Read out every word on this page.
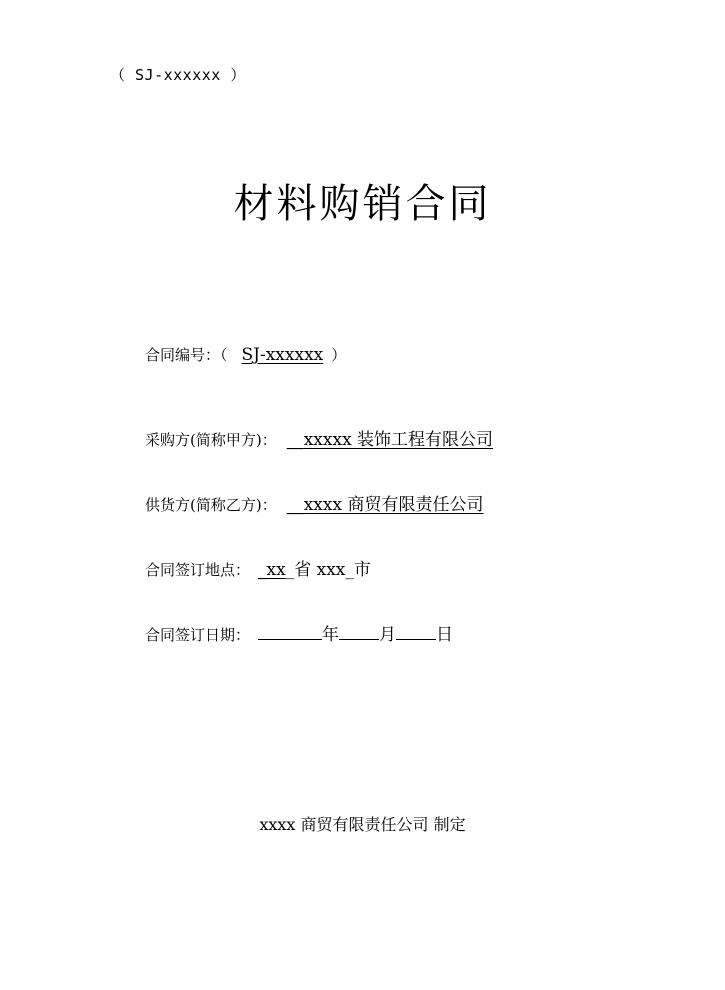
（ SJ-xxxxxx ）
材料购销合同
合同编号：（ SJ-xxxxxx ）
采购方(简称甲方)： __ xxxxx 装饰工程有限公司
供货方(简称乙方)： __ xxxx 商贸有限责任公司
合同签订地点： _ xx _省 xxx_ 市
合同签订日期：	年 月 日
xxxx 商贸有限责任公司 制定
